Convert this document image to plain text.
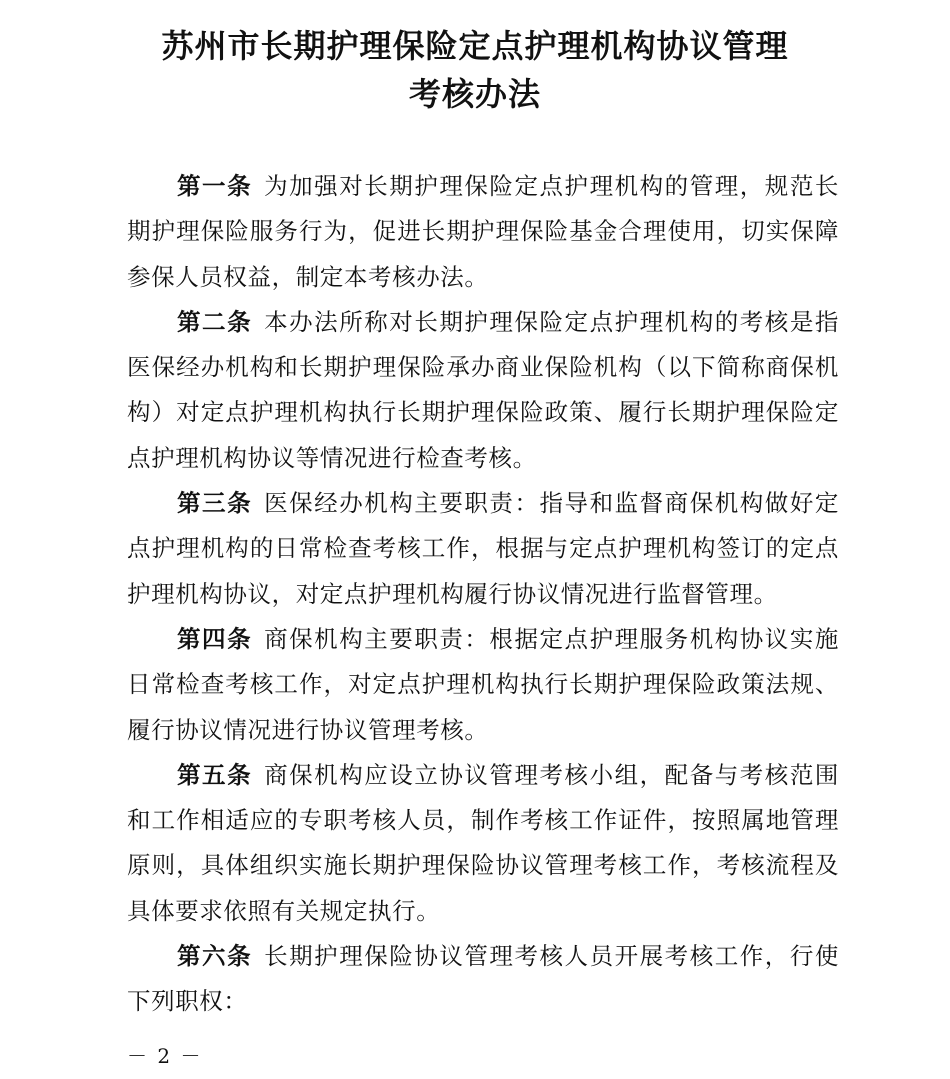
苏州市长期护理保险定点护理机构协议管理
考核办法

第一条 为加强对长期护理保险定点护理机构的管理，规范长期护理保险服务行为，促进长期护理保险基金合理使用，切实保障参保人员权益，制定本考核办法。

第二条 本办法所称对长期护理保险定点护理机构的考核是指医保经办机构和长期护理保险承办商业保险机构（以下简称商保机构）对定点护理机构执行长期护理保险政策、履行长期护理保险定点护理机构协议等情况进行检查考核。

第三条 医保经办机构主要职责：指导和监督商保机构做好定点护理机构的日常检查考核工作，根据与定点护理机构签订的定点护理机构协议，对定点护理机构履行协议情况进行监督管理。

第四条 商保机构主要职责：根据定点护理服务机构协议实施日常检查考核工作，对定点护理机构执行长期护理保险政策法规、履行协议情况进行协议管理考核。

第五条 商保机构应设立协议管理考核小组，配备与考核范围和工作相适应的专职考核人员，制作考核工作证件，按照属地管理原则，具体组织实施长期护理保险协议管理考核工作，考核流程及具体要求依照有关规定执行。

第六条 长期护理保险协议管理考核人员开展考核工作，行使下列职权：

－ 2 －
